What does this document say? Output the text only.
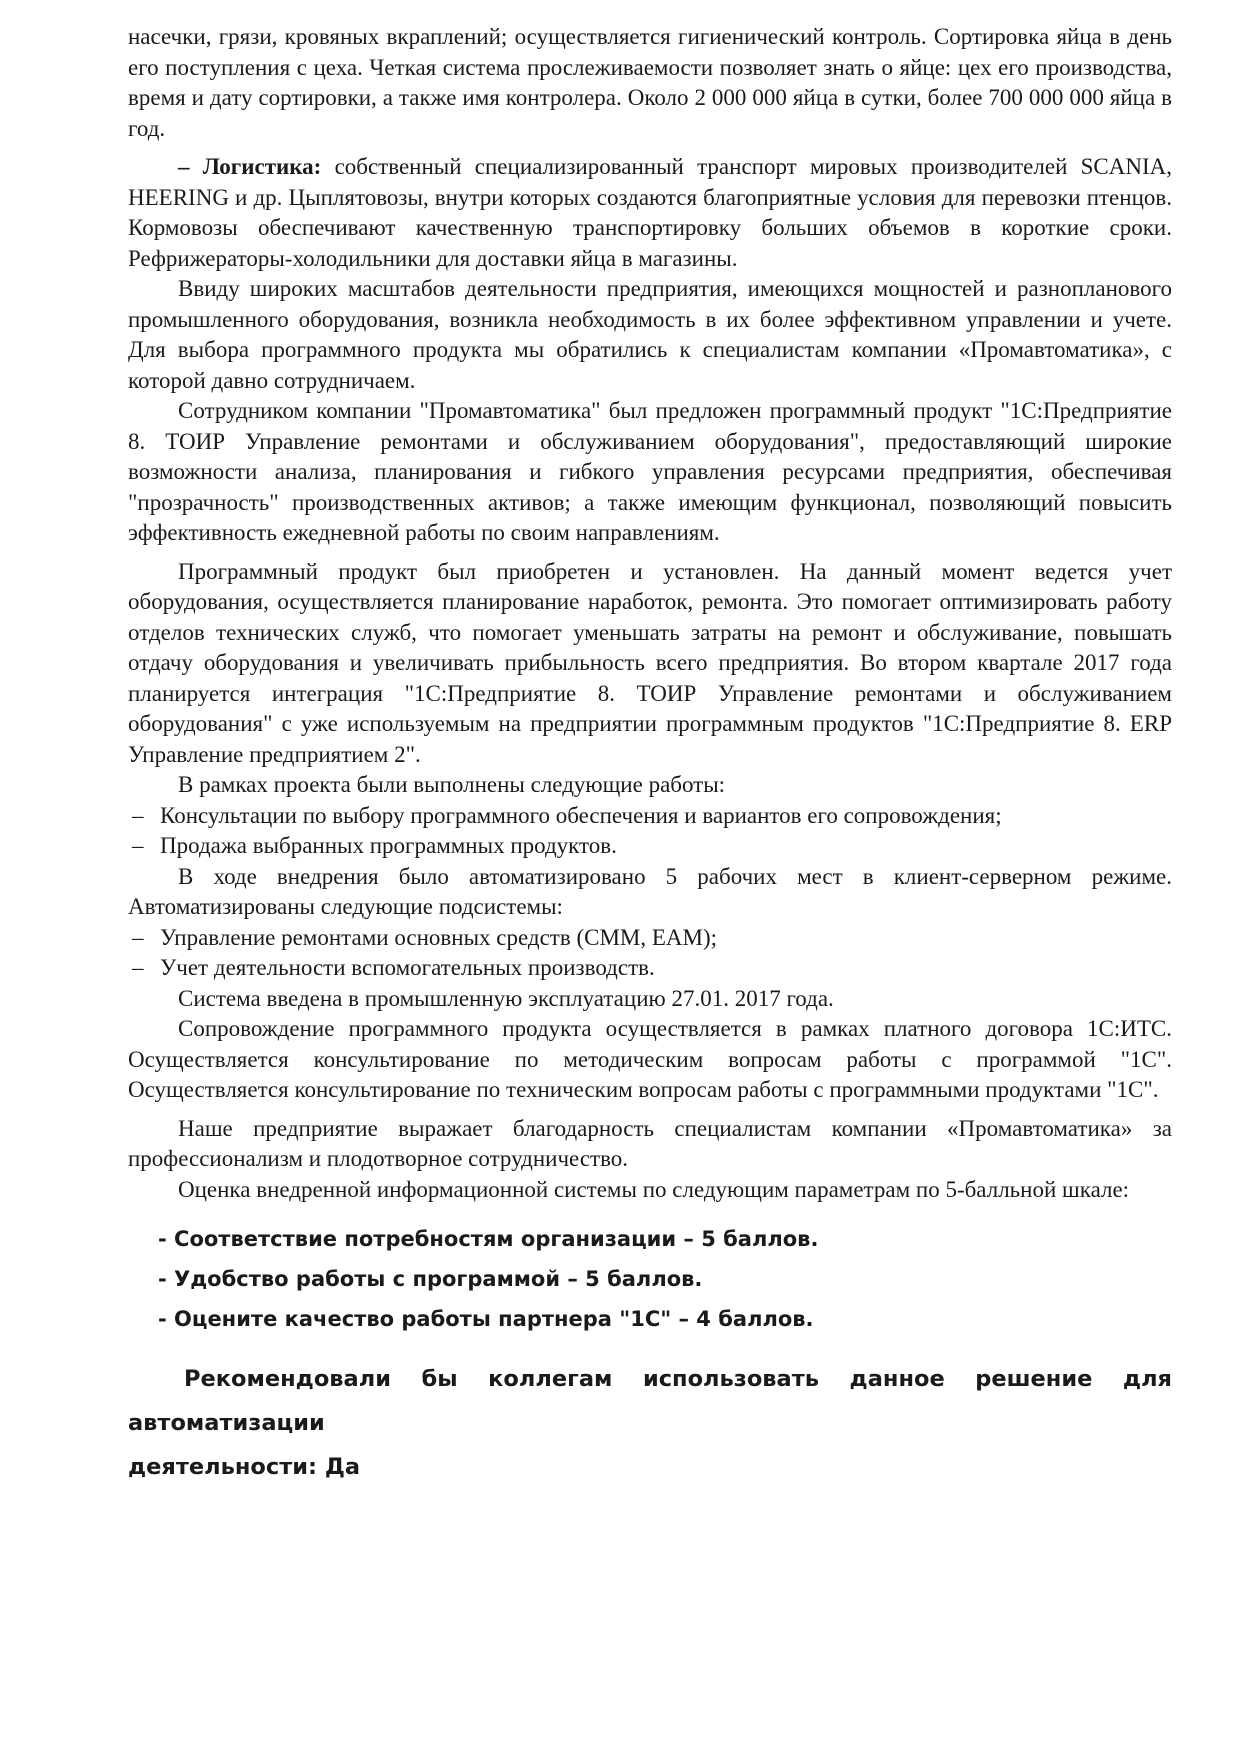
насечки, грязи, кровяных вкраплений; осуществляется гигиенический контроль. Сортировка яйца в день его поступления с цеха. Четкая система прослеживаемости позволяет знать о яйце: цех его производства, время и дату сортировки, а также имя контролера. Около 2 000 000 яйца в сутки, более 700 000 000 яйца в год.

– Логистика: собственный специализированный транспорт мировых производителей SCANIA, HEERING и др. Цыплятовозы, внутри которых создаются благоприятные условия для перевозки птенцов. Кормовозы обеспечивают качественную транспортировку больших объемов в короткие сроки. Рефрижераторы-холодильники для доставки яйца в магазины.

Ввиду широких масштабов деятельности предприятия, имеющихся мощностей и разнопланового промышленного оборудования, возникла необходимость в их более эффективном управлении и учете. Для выбора программного продукта мы обратились к специалистам компании «Промавтоматика», с которой давно сотрудничаем.

Сотрудником компании "Промавтоматика" был предложен программный продукт "1С:Предприятие 8. ТОИР Управление ремонтами и обслуживанием оборудования", предоставляющий широкие возможности анализа, планирования и гибкого управления ресурсами предприятия, обеспечивая "прозрачность" производственных активов; а также имеющим функционал, позволяющий повысить эффективность ежедневной работы по своим направлениям.

Программный продукт был приобретен и установлен. На данный момент ведется учет оборудования, осуществляется планирование наработок, ремонта. Это помогает оптимизировать работу отделов технических служб, что помогает уменьшать затраты на ремонт и обслуживание, повышать отдачу оборудования и увеличивать прибыльность всего предприятия. Во втором квартале 2017 года планируется интеграция "1С:Предприятие 8. ТОИР Управление ремонтами и обслуживанием оборудования" с уже используемым на предприятии программным продуктов "1С:Предприятие 8. ERP Управление предприятием 2".

В рамках проекта были выполнены следующие работы:

– Консультации по выбору программного обеспечения и вариантов его сопровождения;
– Продажа выбранных программных продуктов.

В ходе внедрения было автоматизировано 5 рабочих мест в клиент-серверном режиме. Автоматизированы следующие подсистемы:

– Управление ремонтами основных средств (СММ, ЕАМ);
– Учет деятельности вспомогательных производств.

Система введена в промышленную эксплуатацию 27.01. 2017 года.

Сопровождение программного продукта осуществляется в рамках платного договора 1С:ИТС. Осуществляется консультирование по методическим вопросам работы с программой "1С". Осуществляется консультирование по техническим вопросам работы с программными продуктами "1С".

Наше предприятие выражает благодарность специалистам компании «Промавтоматика» за профессионализм и плодотворное сотрудничество.

Оценка внедренной информационной системы по следующим параметрам по 5-балльной шкале:

- Соответствие потребностям организации – 5 баллов.
- Удобство работы с программой – 5 баллов.
- Оцените качество работы партнера "1С" – 4 баллов.
Рекомендовали бы коллегам использовать данное решение для автоматизации
деятельности: Да
